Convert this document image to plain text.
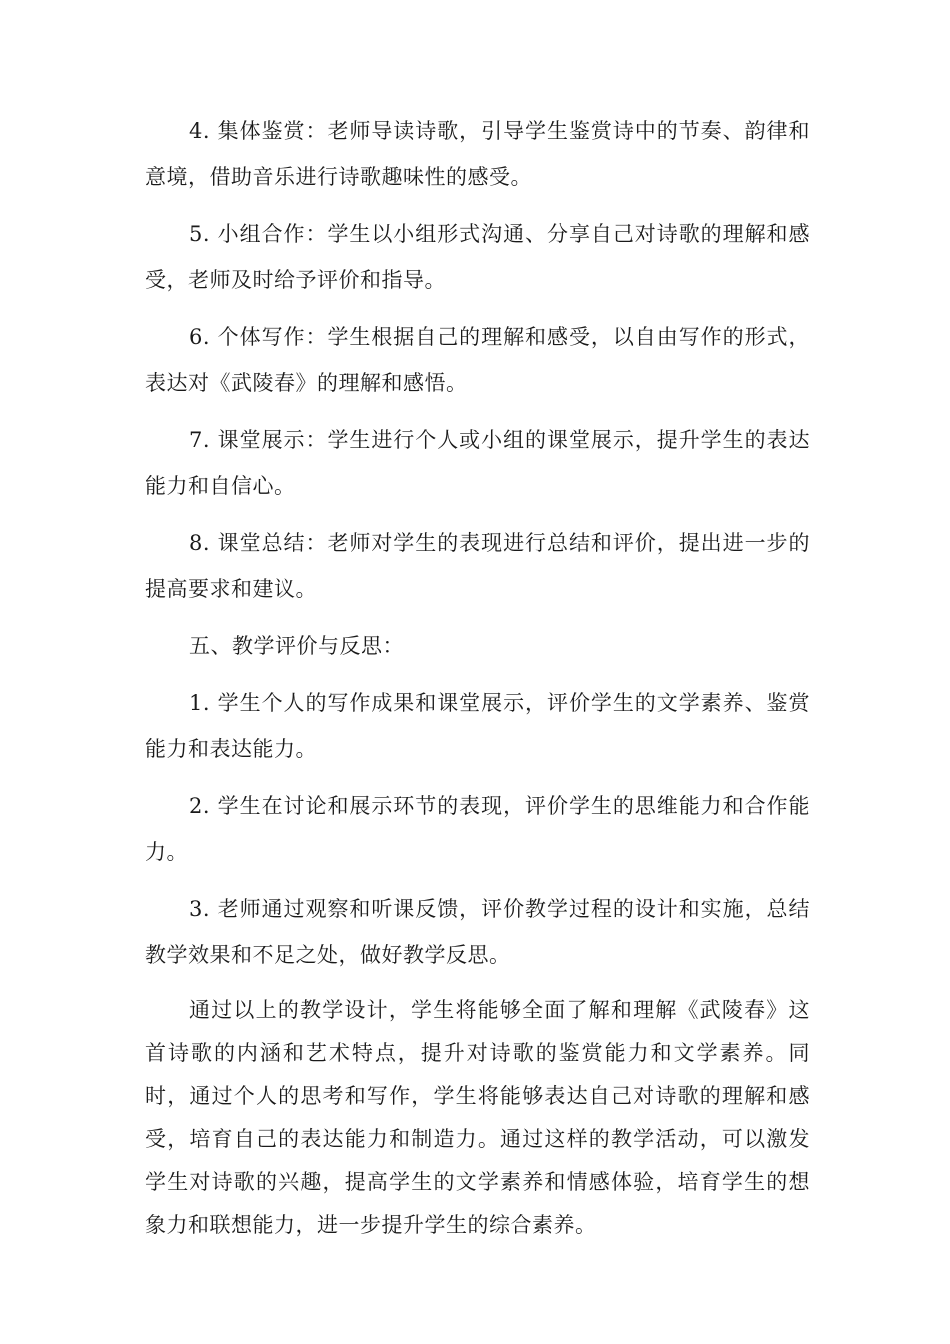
4. 集体鉴赏：老师导读诗歌，引导学生鉴赏诗中的节奏、韵律和意境，借助音乐进行诗歌趣味性的感受。

5. 小组合作：学生以小组形式沟通、分享自己对诗歌的理解和感受，老师及时给予评价和指导。

6. 个体写作：学生根据自己的理解和感受，以自由写作的形式，表达对《武陵春》的理解和感悟。

7. 课堂展示：学生进行个人或小组的课堂展示，提升学生的表达能力和自信心。

8. 课堂总结：老师对学生的表现进行总结和评价，提出进一步的提高要求和建议。

五、教学评价与反思：

1. 学生个人的写作成果和课堂展示，评价学生的文学素养、鉴赏能力和表达能力。

2. 学生在讨论和展示环节的表现，评价学生的思维能力和合作能力。

3. 老师通过观察和听课反馈，评价教学过程的设计和实施，总结教学效果和不足之处，做好教学反思。

通过以上的教学设计，学生将能够全面了解和理解《武陵春》这首诗歌的内涵和艺术特点，提升对诗歌的鉴赏能力和文学素养。同时，通过个人的思考和写作，学生将能够表达自己对诗歌的理解和感受，培育自己的表达能力和制造力。通过这样的教学活动，可以激发学生对诗歌的兴趣，提高学生的文学素养和情感体验，培育学生的想象力和联想能力，进一步提升学生的综合素养。
